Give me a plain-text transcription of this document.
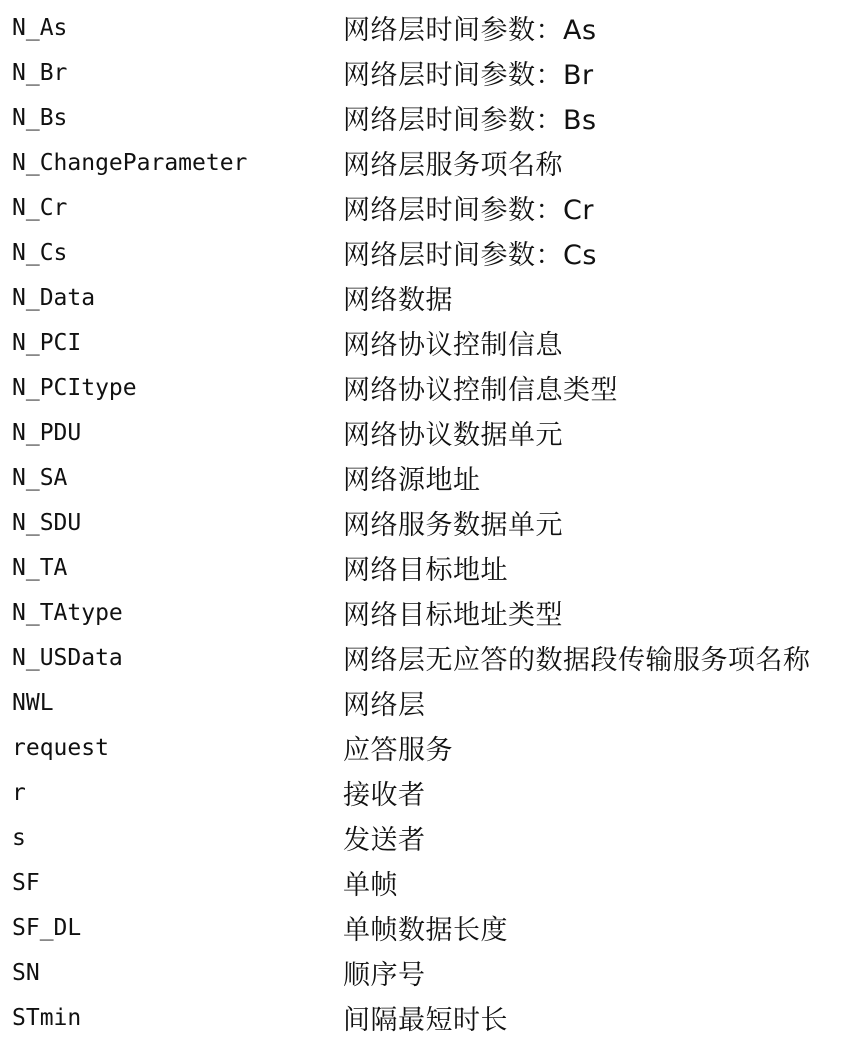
N_As	网络层时间参数：As
N_Br	网络层时间参数：Br
N_Bs	网络层时间参数：Bs
N_ChangeParameter	网络层服务项名称
N_Cr	网络层时间参数：Cr
N_Cs	网络层时间参数：Cs
N_Data	网络数据
N_PCI	网络协议控制信息
N_PCItype	网络协议控制信息类型
N_PDU	网络协议数据单元
N_SA	网络源地址
N_SDU	网络服务数据单元
N_TA	网络目标地址
N_TAtype	网络目标地址类型
N_USData	网络层无应答的数据段传输服务项名称
NWL	网络层
request	应答服务
r	接收者
s	发送者
SF	单帧
SF_DL	单帧数据长度
SN	顺序号
STmin	间隔最短时长
